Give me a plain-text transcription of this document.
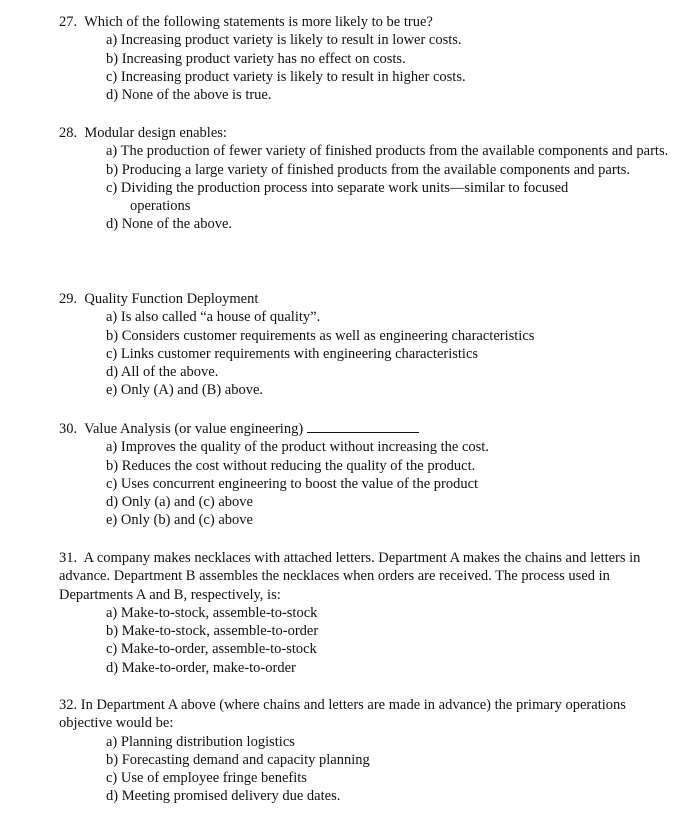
27. Which of the following statements is more likely to be true?

a) Increasing product variety is likely to result in lower costs.
b) Increasing product variety has no effect on costs.
c) Increasing product variety is likely to result in higher costs.
d) None of the above is true.

28. Modular design enables:

a) The production of fewer variety of finished products from the available components and parts.
b) Producing a large variety of finished products from the available components and parts.
c) Dividing the production process into separate work units—similar to focused
operations
d) None of the above.

29. Quality Function Deployment

a) Is also called “a house of quality”.
b) Considers customer requirements as well as engineering characteristics
c) Links customer requirements with engineering characteristics
d) All of the above.
e) Only (A) and (B) above.

30. Value Analysis (or value engineering)

a) Improves the quality of the product without increasing the cost.
b) Reduces the cost without reducing the quality of the product.
c) Uses concurrent engineering to boost the value of the product
d) Only (a) and (c) above
e) Only (b) and (c) above

31. A company makes necklaces with attached letters. Department A makes the chains and letters in advance. Department B assembles the necklaces when orders are received. The process used in Departments A and B, respectively, is:

a) Make-to-stock, assemble-to-stock
b) Make-to-stock, assemble-to-order
c) Make-to-order, assemble-to-stock
d) Make-to-order, make-to-order

32. In Department A above (where chains and letters are made in advance) the primary operations objective would be:

a) Planning distribution logistics
b) Forecasting demand and capacity planning
c) Use of employee fringe benefits
d) Meeting promised delivery due dates.
